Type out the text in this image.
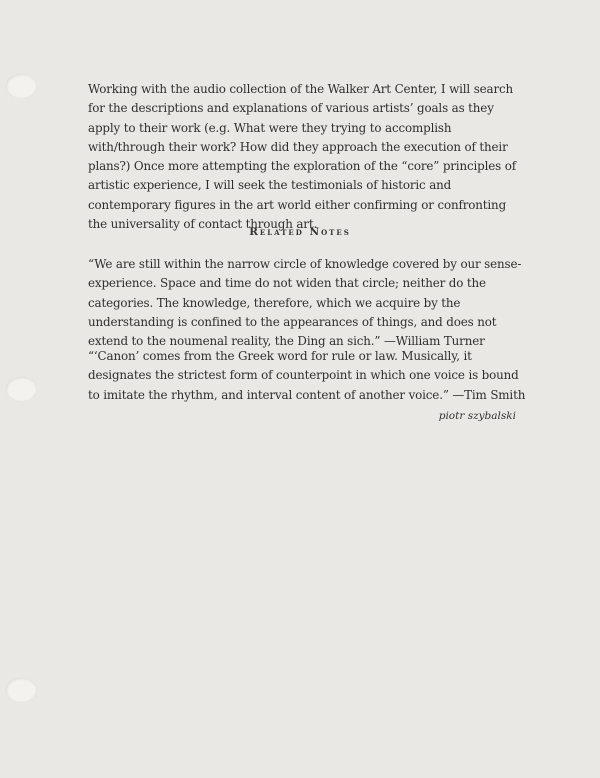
Working with the audio collection of the Walker Art Center, I will search for the descriptions and explanations of various artists’ goals as they apply to their work (e.g. What were they trying to accomplish with/through their work? How did they approach the execution of their plans?) Once more attempting the exploration of the “core” principles of artistic experience, I will seek the testimonials of historic and contemporary figures in the art world either confirming or confronting the universality of contact through art.

Related Notes

“We are still within the narrow circle of knowledge covered by our sense-experience. Space and time do not widen that circle; neither do the categories. The knowledge, therefore, which we acquire by the understanding is confined to the appearances of things, and does not extend to the noumenal reality, the Ding an sich.” —William Turner

“‘Canon’ comes from the Greek word for rule or law. Musically, it designates the strictest form of counterpoint in which one voice is bound to imitate the rhythm, and interval content of another voice.” —Tim Smith

piotr szybalski
